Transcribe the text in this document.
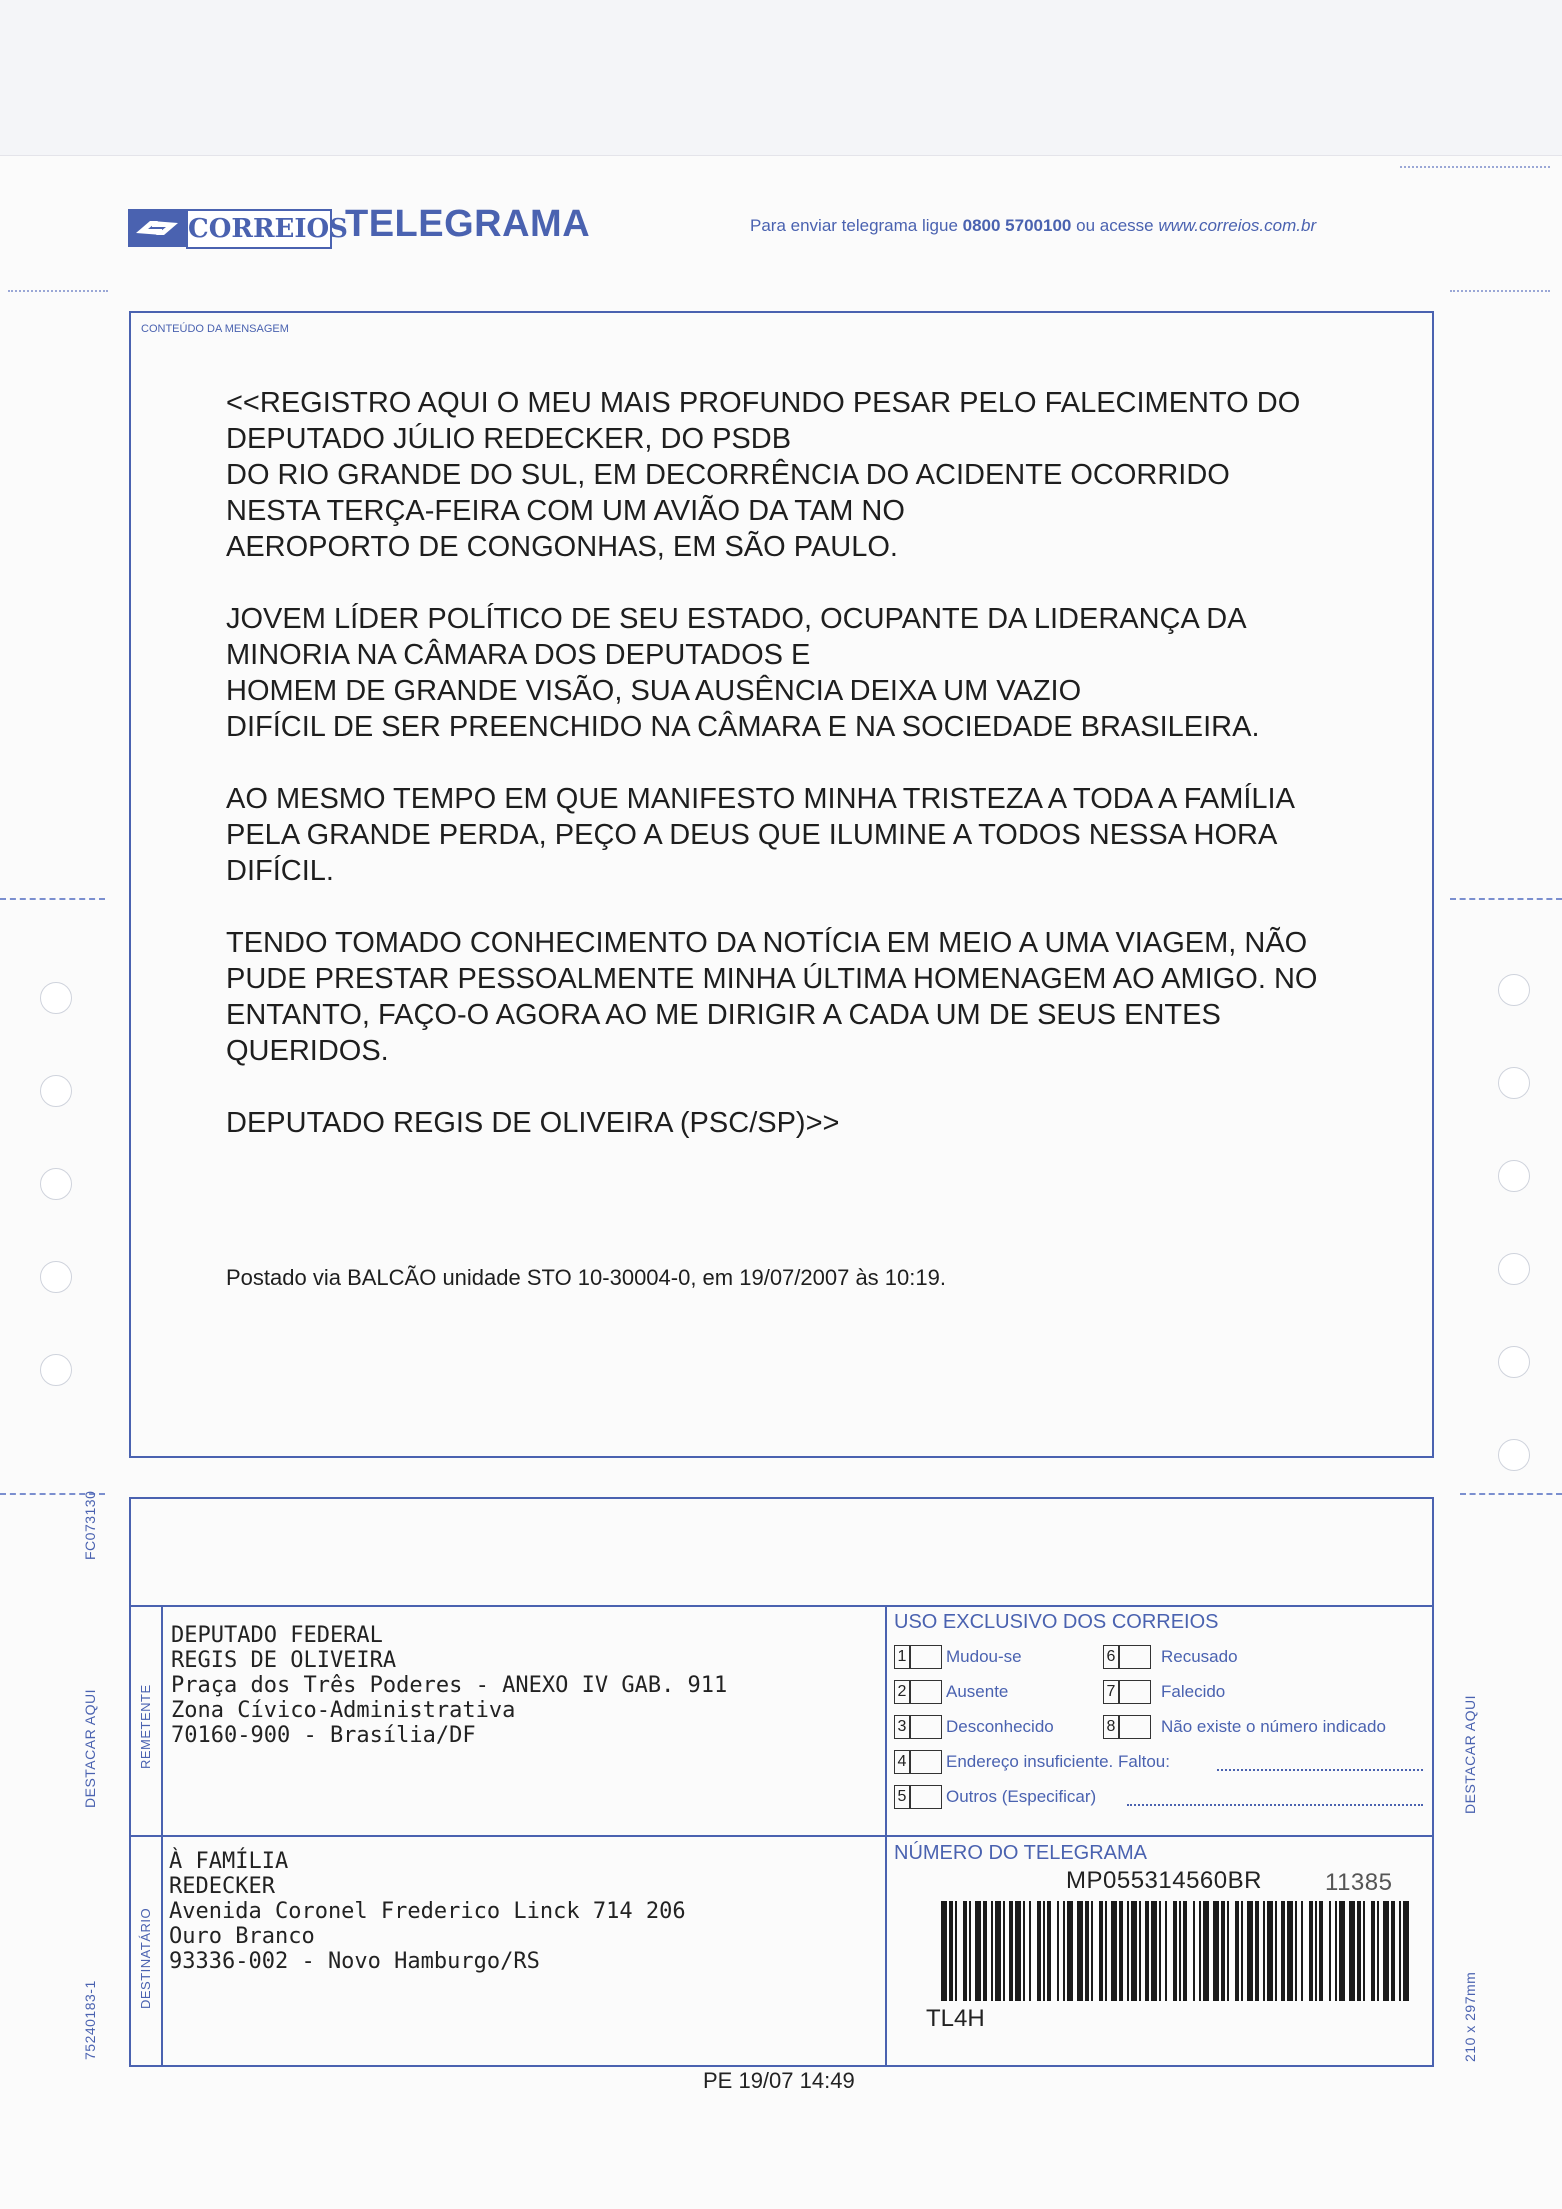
CORREIOS
TELEGRAMA	Para enviar telegrama ligue 0800 5700100 ou acesse www.correios.com.br
CONTEÚDO DA MENSAGEM

<<REGISTRO AQUI O MEU MAIS PROFUNDO PESAR PELO FALECIMENTO DO
DEPUTADO JÚLIO REDECKER, DO PSDB
DO RIO GRANDE DO SUL, EM DECORRÊNCIA DO ACIDENTE OCORRIDO
NESTA TERÇA-FEIRA COM UM AVIÃO DA TAM NO
AEROPORTO DE CONGONHAS, EM SÃO PAULO.

JOVEM LÍDER POLÍTICO DE SEU ESTADO, OCUPANTE DA LIDERANÇA DA
MINORIA NA CÂMARA DOS DEPUTADOS E
HOMEM DE GRANDE VISÃO, SUA AUSÊNCIA DEIXA UM VAZIO
DIFÍCIL DE SER PREENCHIDO NA CÂMARA E NA SOCIEDADE BRASILEIRA.

AO MESMO TEMPO EM QUE MANIFESTO MINHA TRISTEZA A TODA A FAMÍLIA
PELA GRANDE PERDA, PEÇO A DEUS QUE ILUMINE A TODOS NESSA HORA
DIFÍCIL.

TENDO TOMADO CONHECIMENTO DA NOTÍCIA EM MEIO A UMA VIAGEM, NÃO
PUDE PRESTAR PESSOALMENTE MINHA ÚLTIMA HOMENAGEM AO AMIGO. NO
ENTANTO, FAÇO-O AGORA AO ME DIRIGIR A CADA UM DE SEUS ENTES
QUERIDOS.

DEPUTADO REGIS DE OLIVEIRA (PSC/SP)>>

Postado via BALCÃO unidade STO 10-30004-0, em 19/07/2007 às 10:19.
REMETENTE
DEPUTADO FEDERAL
REGIS DE OLIVEIRA
Praça dos Três Poderes - ANEXO IV GAB. 911
Zona Cívico-Administrativa
70160-900 - Brasília/DF
DESTINATÁRIO
À FAMÍLIA
REDECKER
Avenida Coronel Frederico Linck 714 206
Ouro Branco
93336-002 - Novo Hamburgo/RS
USO EXCLUSIVO DOS CORREIOS
1 Mudou-se
2 Ausente
3 Desconhecido
4 Endereço insuficiente. Faltou:
5 Outros (Especificar)
6	Recusado
7	Falecido
8	Não existe o número indicado
NÚMERO DO TELEGRAMA
MP055314560BR	11385
TL4H
PE 19/07 14:49
FC073130
DESTACAR AQUI
75240183-1
DESTACAR AQUI
210 x 297mm
